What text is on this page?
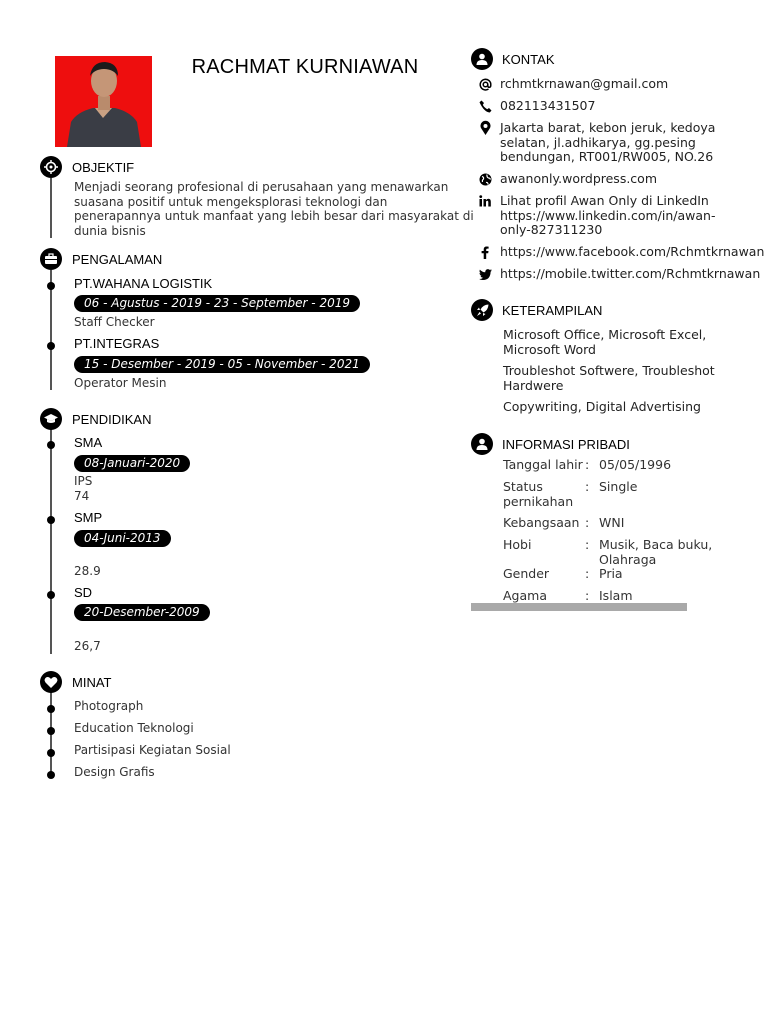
RACHMAT KURNIAWAN
OBJEKTIF
Menjadi seorang profesional di perusahaan yang menawarkan
suasana positif untuk mengeksplorasi teknologi dan
penerapannya untuk manfaat yang lebih besar dari masyarakat di
dunia bisnis
PENGALAMAN
PT.WAHANA LOGISTIK
06 - Agustus - 2019 - 23 - September - 2019
Staff Checker
PT.INTEGRAS
15 - Desember - 2019 - 05 - November - 2021
Operator Mesin
PENDIDIKAN
SMA
08-Januari-2020
IPS
74
SMP
04-Juni-2013
28.9
SD
20-Desember-2009
26,7
MINAT
Photograph
Education Teknologi
Partisipasi Kegiatan Sosial
Design Grafis
KONTAK
rchmtkrnawan@gmail.com
082113431507
Jakarta barat, kebon jeruk, kedoya
selatan, jl.adhikarya, gg.pesing
bendungan, RT001/RW005, NO.26
awanonly.wordpress.com
Lihat profil Awan Only di LinkedIn
https://www.linkedin.com/in/awan-
only-827311230
https://www.facebook.com/Rchmtkrnawan
https://mobile.twitter.com/Rchmtkrnawan
KETERAMPILAN
Microsoft Office, Microsoft Excel,
Microsoft Word
Troubleshot Softwere, Troubleshot
Hardwere
Copywriting, Digital Advertising
INFORMASI PRIBADI
Tanggal lahir : 05/05/1996
Status pernikahan
: Single
Kebangsaan : WNI
Hobi	: Musik, Baca buku, Olahraga
Gender	: Pria
Agama	: Islam
